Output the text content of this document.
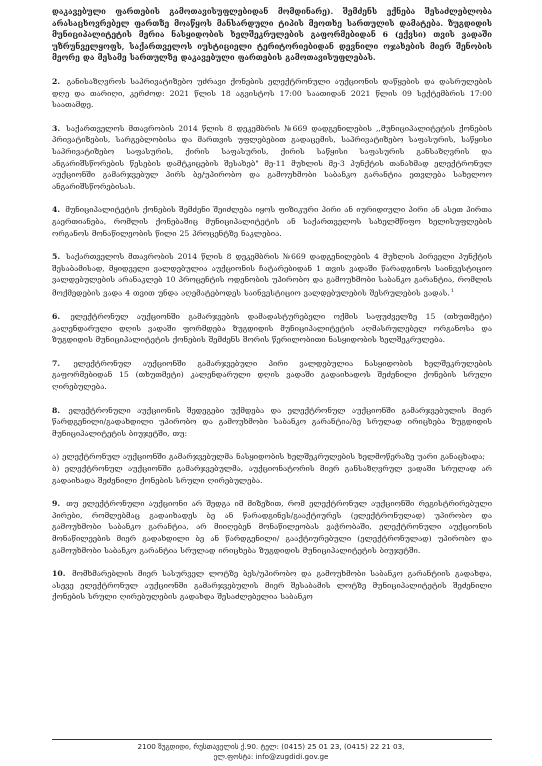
დაკავებული ფართების გამოთავისუფლებიდან მომდინარე). შემძენს ექნება შესაძლებლობა არასაცხოვრებელ ფართზე მოაწყოს მანსარდული ტიპის მეოთხე სართულის დამატება. ზუგდიდის მუნიციპალიტეტის მერია ნასყიდობის ხელშეკრულების გაფორმებიდან 6 (ექვსი) თვის ვადაში უზრუნველყოფს, საქართველოს იუსტიციელი ტერიტორიებიდან დევნილი ოჯახების მიერ შენობის მეორე და მესამე სართულზე დაკავებული ფართების გამოთავისუფლებას.

2. განისაზღვროს საპრივატიზებო უძრავი ქონების ელექტრონული აუქციონის დაწყების და დასრულების დღე და თარიღი, კერძოდ: 2021 წლის 18 აგვისტოს 17:00 საათიდან 2021 წლის 09 სექტემბრის 17:00 საათამდე.

3. საქართველოს მთავრობის 2014 წლის 8 დეკემბრის №669 დადგენილების ,,მუნიციპალიტეტის ქონების პრივატიზების, სარგებლობისა და მართვის უფლებებით გადაცემის, საპრივატიზებო საფასურის, საწყისი საპრივატიზებო საფასურის, ქირის საფასურის, ქირის საწყისი საფასურის განსაზღვრის და ანგარიშსწორების წესების დამტკიცების შესახებ" მე-11 მუხლის მე-3 პუნქტის თანახმად ელექტრონულ აუქციონში გამარჯვებულ პირს ბე/უპირობო და გამოუხმობი საბანკო გარანტია ეთვლება სახელოო ანგარიშსწორებისას.

4. მუნიციპალიტეტის ქონების შემძენი შეიძლება იყოს ფიზიკური პირი ან იურიდიული პირი ან ასეთ პირთა გაერთიანება, რომლის ქონებაშიც მუნიციპალიტეტის ან საქართველოს სახელმწიფო ხელისუფლების ორგანოს მონაწილეობის წილი 25 პროცენტზე ნაკლებია.

5. საქართველოს მთავრობის 2014 წლის 8 დეკემბრის №669 დადგენილების 4 მუხლის პირველი პუნქტის შესაბამისად, მყიდველი ვალდებულია აუქციონის ჩატარებიდან 1 თვის ვადაში წარადგინოს საინვესტიციო ვალდებულების არანაკლებ 10 პროცენტის ოდენობის უპირობო და გამოუხმობი საბანკო გარანტია, რომლის მოქმედების ვადა 4 თვით უნდა აღემატებოდეს საინვესტიციო ვალდებულების შესრულების ვადას.$^1$

6. ელექტრონულ აუქციონში გამარჯვების დამადასტურებელი ოქმის საფუძველზე 15 (თხუთმეტი) კალენდარული დღის ვადაში ფორმდება ზუგდიდის მუნიციპალიტეტის აღმასრულებელ ორგანოსა და ზუგდიდის მუნიციპალიტეტის ქონების შემძენს შორის წერილობითი ნასყიდობის ხელშეკრულება.

7. ელექტრონულ აუქციონში გამარჯვებული პირი ვალდებულია ნასყიდობის ხელშეკრულების გაფორმებიდან 15 (თხუთმეტი) კალენდარული დღის ვადაში გადაიხადოს შეძენილი ქონების სრული ღირებულება.

8. ელექტრონული აუქციონის შედეგები უქმდება და ელექტრონულ აუქციონში გამარჯვებულის მიერ წარდგენილი/გადახდილი უპირობო და გამოუხმობი საბანკო გარანტია/ბე სრულად ირიცხება ზუგდიდის მუნიციპალიტეტის ბიუჯეტში, თუ:

ა) ელექტრონულ აუქციონში გამარჯვებულმა ნასყიდობის ხელშეკრულების ხელმოწერაზე უარი განაცხადა;

ბ) ელექტრონულ აუქციონში გამარჯვებულმა, აუქციონატორის მიერ განსაზღვრულ ვადაში სრულად არ გადაიხადა შეძენილი ქონების სრული ღირებულება.

9. თუ ელექტრონული აუქციონი არ შედგა იმ მიზეზით, რომ ელექტრონულ აუქციონში რეგისტრირებული პირები, რომლებმაც გადაიხადეს ბე ან წარადგინეს/გააქტიურეს (ელექტრონულად) უპირობო და გამოუხმობი საბანკო გარანტია, არ მიიღებენ მონაწილეობას ვაჭრობაში, ელექტრონული აუქციონის მონაწილეების მიერ გადახდილი ბე ან წარდგენილი/ გააქტიურებული (ელექტრონულად) უპირობო და გამოუხმობი საბანკო გარანტია სრულად ირიცხება ზუგდიდის მუნიციპალიტეტის ბიუჯეტში.

10. მომხმარებლის მიერ სასურველ ლოტზე ბეს/უპირობო და გამოუხმობი საბანკო გარანტიის გადახდა, ასევე ელექტრონულ აუქციონში გამარჯვებულის მიერ შესაბამის ლოტზე მუნიციპალიტეტის შეძენილი ქონების სრული ღირებულების გადახდა შესაძლებელია საბანკო

2100 ზუგდიდი, რუსთაველის ქ.90. ტელ: (0415) 25 01 23, (0415) 22 21 03,
ელ.ფოსტა: info@zugdidi.gov.ge
